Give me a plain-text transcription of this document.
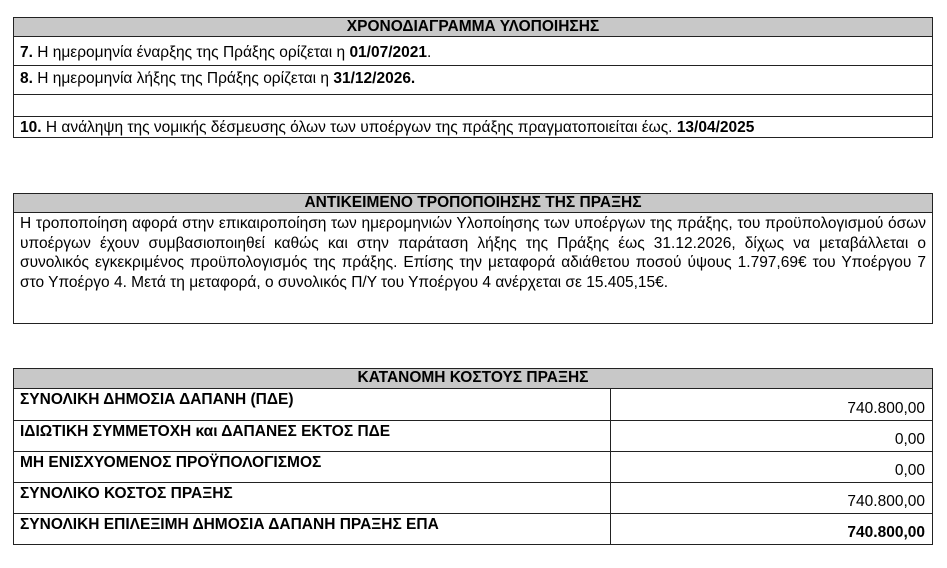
ΧΡΟΝΟΔΙΑΓΡΑΜΜΑ ΥΛΟΠΟΙΗΣΗΣ
7. Η ημερομηνία έναρξης της Πράξης ορίζεται η 01/07/2021.
8. Η ημερομηνία λήξης της Πράξης ορίζεται η 31/12/2026.
10. Η ανάληψη της νομικής δέσμευσης όλων των υποέργων της πράξης πραγματοποιείται έως. 13/04/2025
ΑΝΤΙΚΕΙΜΕΝΟ ΤΡΟΠΟΠΟΙΗΣΗΣ ΤΗΣ ΠΡΑΞΗΣ
Η τροποποίηση αφορά στην επικαιροποίηση των ημερομηνιών Υλοποίησης των υποέργων της πράξης, του προϋπολογισμού όσων υποέργων έχουν συμβασιοποιηθεί καθώς και στην παράταση λήξης της Πράξης έως 31.12.2026, δίχως να μεταβάλλεται ο συνολικός εγκεκριμένος προϋπολογισμός της πράξης. Επίσης την μεταφορά αδιάθετου ποσού ύψους 1.797,69€ του Υποέργου 7 στο Υποέργο 4. Μετά τη μεταφορά, ο συνολικός Π/Υ του Υποέργου 4 ανέρχεται σε 15.405,15€.
ΚΑΤΑΝΟΜΗ ΚΟΣΤΟΥΣ ΠΡΑΞΗΣ
ΣΥΝΟΛΙΚΗ ΔΗΜΟΣΙΑ ΔΑΠΑΝΗ (ΠΔΕ)	740.800,00
ΙΔΙΩΤΙΚΗ ΣΥΜΜΕΤΟΧΗ και ΔΑΠΑΝΕΣ ΕΚΤΟΣ ΠΔΕ	0,00
ΜΗ ΕΝΙΣΧΥΟΜΕΝΟΣ ΠΡΟΫΠΟΛΟΓΙΣΜΟΣ	0,00
ΣΥΝΟΛΙΚΟ ΚΟΣΤΟΣ ΠΡΑΞΗΣ	740.800,00
ΣΥΝΟΛΙΚΗ ΕΠΙΛΕΞΙΜΗ ΔΗΜΟΣΙΑ ΔΑΠΑΝΗ ΠΡΑΞΗΣ ΕΠΑ	740.800,00
